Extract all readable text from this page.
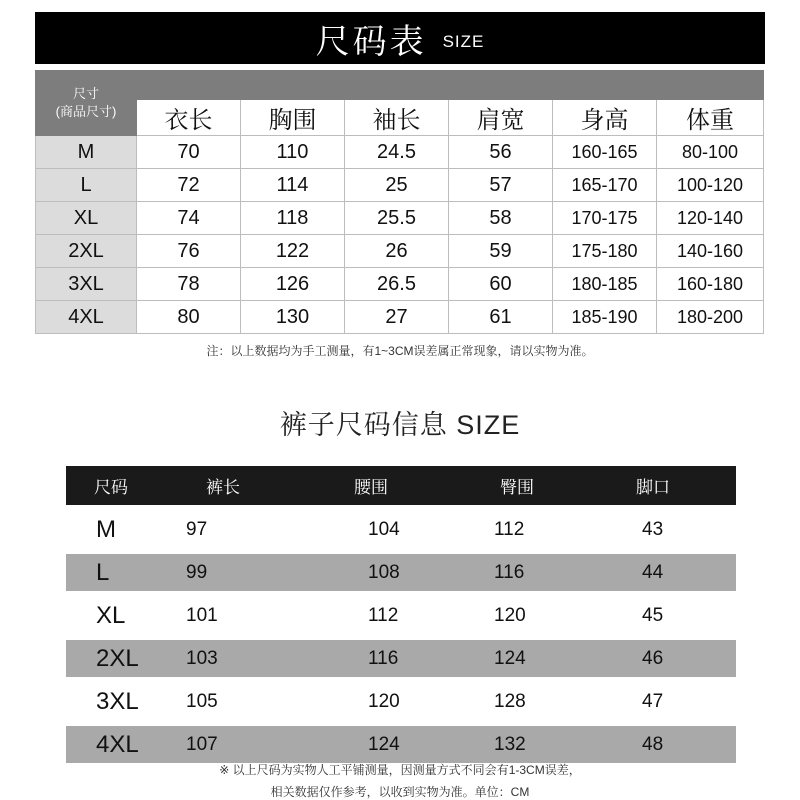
尺码表 SIZE
尺寸
(商品尺寸)						

	衣长	胸围	袖长	肩宽	身高	体重
M	70	110	24.5	56	160-165	80-100
L	72	114	25	57	165-170	100-120
XL	74	118	25.5	58	170-175	120-140
2XL	76	122	26	59	175-180	140-160
3XL	78	126	26.5	60	180-185	160-180
4XL	80	130	27	61	185-190	180-200
注：以上数据均为手工测量，有1~3CM误差属正常现象，请以实物为准。
裤子尺码信息 SIZE
尺码	裤长	腰围	臀围	脚口

M	97	104	112	43

L	99	108	116	44

XL	101	112	120	45

2XL	103	116	124	46

3XL	105	120	128	47

4XL	107	124	132	48
※ 以上尺码为实物人工平铺测量，因测量方式不同会有1-3CM误差，
相关数据仅作参考，以收到实物为准。单位：CM
